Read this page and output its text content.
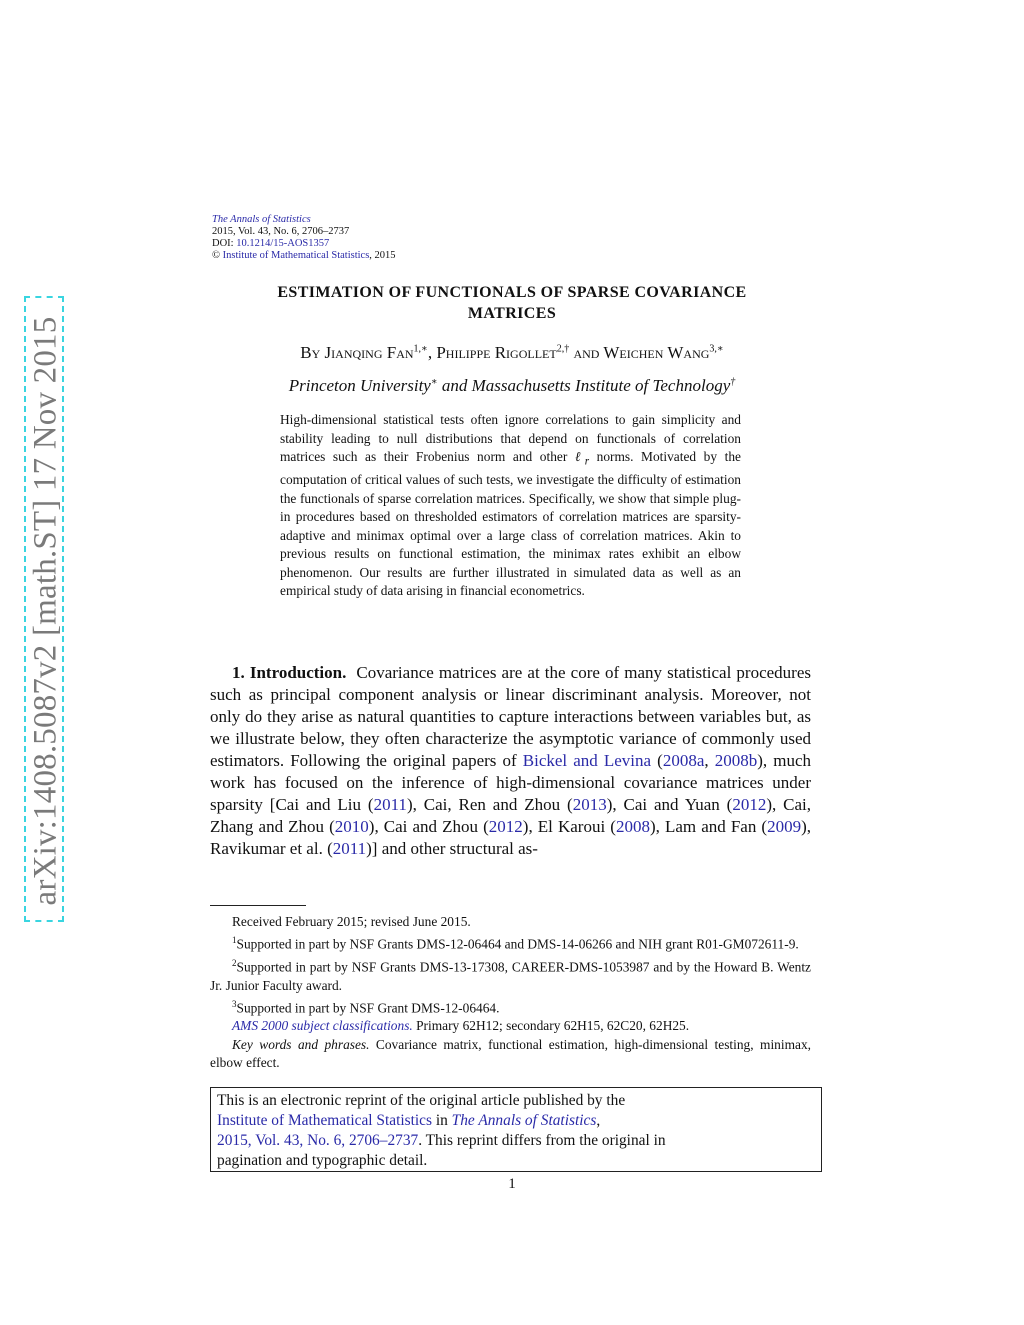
arXiv:1408.5087v2 [math.ST] 17 Nov 2015
The Annals of Statistics
2015, Vol. 43, No. 6, 2706–2737
DOI: 10.1214/15-AOS1357
© Institute of Mathematical Statistics, 2015
ESTIMATION OF FUNCTIONALS OF SPARSE COVARIANCE
MATRICES
By Jianqing Fan$^{1,∗}$, Philippe Rigollet$^{2,\dagger}$ and Weichen Wang$^{3,∗}$
Princeton University∗ and Massachusetts Institute of Technology†
High-dimensional statistical tests often ignore correlations to gain simplicity and stability leading to null distributions that depend on functionals of correlation matrices such as their Frobenius norm and other ℓ$_r$ norms. Motivated by the computation of critical values of such tests, we investigate the difficulty of estimation the functionals of sparse correlation matrices. Specifically, we show that simple plug-in procedures based on thresholded estimators of correlation matrices are sparsity-adaptive and minimax optimal over a large class of correlation matrices. Akin to previous results on functional estimation, the minimax rates exhibit an elbow phenomenon. Our results are further illustrated in simulated data as well as an empirical study of data arising in financial econometrics.
1. Introduction. Covariance matrices are at the core of many statistical procedures such as principal component analysis or linear discriminant analysis. Moreover, not only do they arise as natural quantities to capture interactions between variables but, as we illustrate below, they often characterize the asymptotic variance of commonly used estimators. Following the original papers of Bickel and Levina (2008a, 2008b), much work has focused on the inference of high-dimensional covariance matrices under sparsity [Cai and Liu (2011), Cai, Ren and Zhou (2013), Cai and Yuan (2012), Cai, Zhang and Zhou (2010), Cai and Zhou (2012), El Karoui (2008), Lam and Fan (2009), Ravikumar et al. (2011)] and other structural as-

Received February 2015; revised June 2015.

$^1$Supported in part by NSF Grants DMS-12-06464 and DMS-14-06266 and NIH grant R01-GM072611-9.

$^2$Supported in part by NSF Grants DMS-13-17308, CAREER-DMS-1053987 and by the Howard B. Wentz Jr. Junior Faculty award.

$^3$Supported in part by NSF Grant DMS-12-06464.

AMS 2000 subject classifications. Primary 62H12; secondary 62H15, 62C20, 62H25.

Key words and phrases. Covariance matrix, functional estimation, high-dimensional testing, minimax, elbow effect.

This is an electronic reprint of the original article published by the
Institute of Mathematical Statistics in The Annals of Statistics,
2015, Vol. 43, No. 6, 2706–2737. This reprint differs from the original in
pagination and typographic detail.
1
